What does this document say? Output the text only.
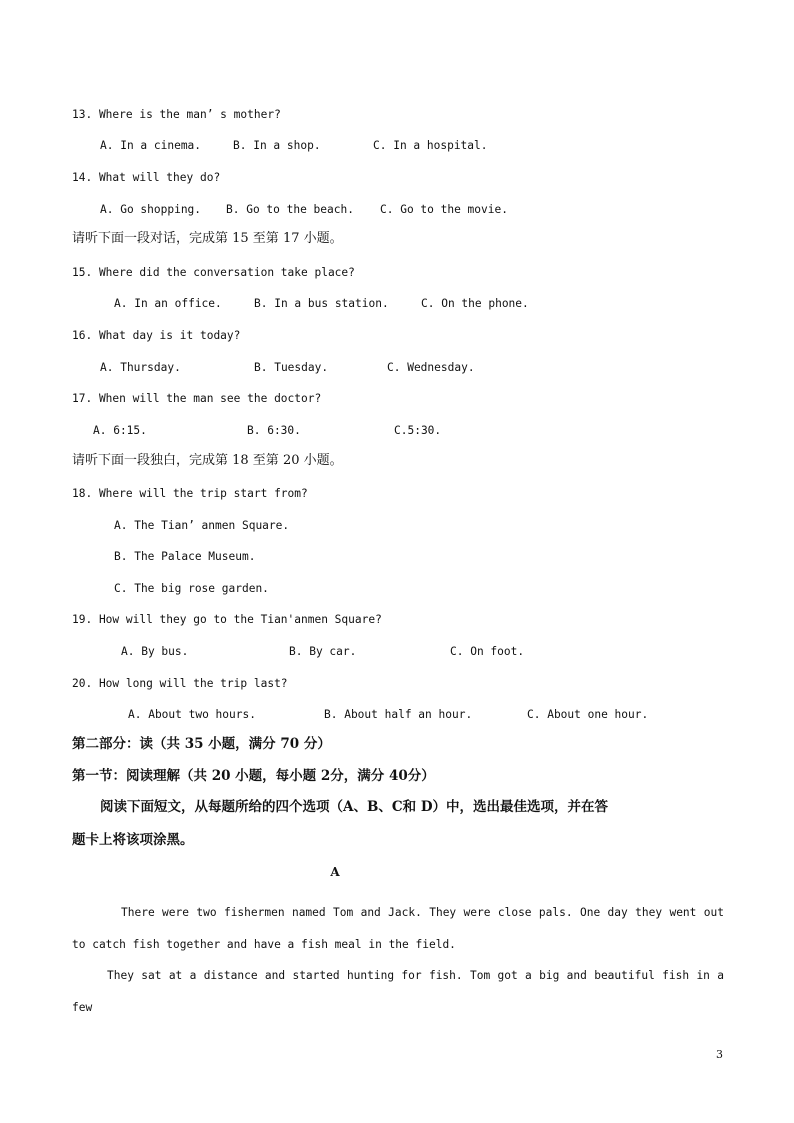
13. Where is the man’ s mother?
A. In a cinema.	B. In a shop.	C. In a hospital.
14. What will they do?
A. Go shopping. B. Go to the beach. C. Go to the movie.
请听下面一段对话，完成第 15 至第 17 小题。
15. Where did the conversation take place?
A. In an office.	B. In a bus station.	C. On the phone.
16. What day is it today?
A. Thursday.	B. Tuesday.	C. Wednesday.
17. When will the man see the doctor?
A. 6:15.	B. 6:30.	C.5:30.
请听下面一段独白，完成第 18 至第 20 小题。
18. Where will the trip start from?
A. The Tian’ anmen Square.
B. The Palace Museum.
C. The big rose garden.
19. How will they go to the Tian'anmen Square?
A. By bus.	B. By car.	C. On foot.
20. How long will the trip last?
A. About two hours.	B. About half an hour.	C. About one hour.
第二部分：读（共 35 小题，满分 70 分）
第一节：阅读理解（共 20 小题，每小题 2分，满分 40分）
阅读下面短文，从每题所给的四个选项（A、B、C和 D）中，选出最佳选项，并在答
题卡上将该项涂黑。
A
There were two fishermen named Tom and Jack. They were close pals. One day they went out to catch fish together and have a fish meal in the field.
They sat at a distance and started hunting for fish. Tom got a big and beautiful fish in a few
3
